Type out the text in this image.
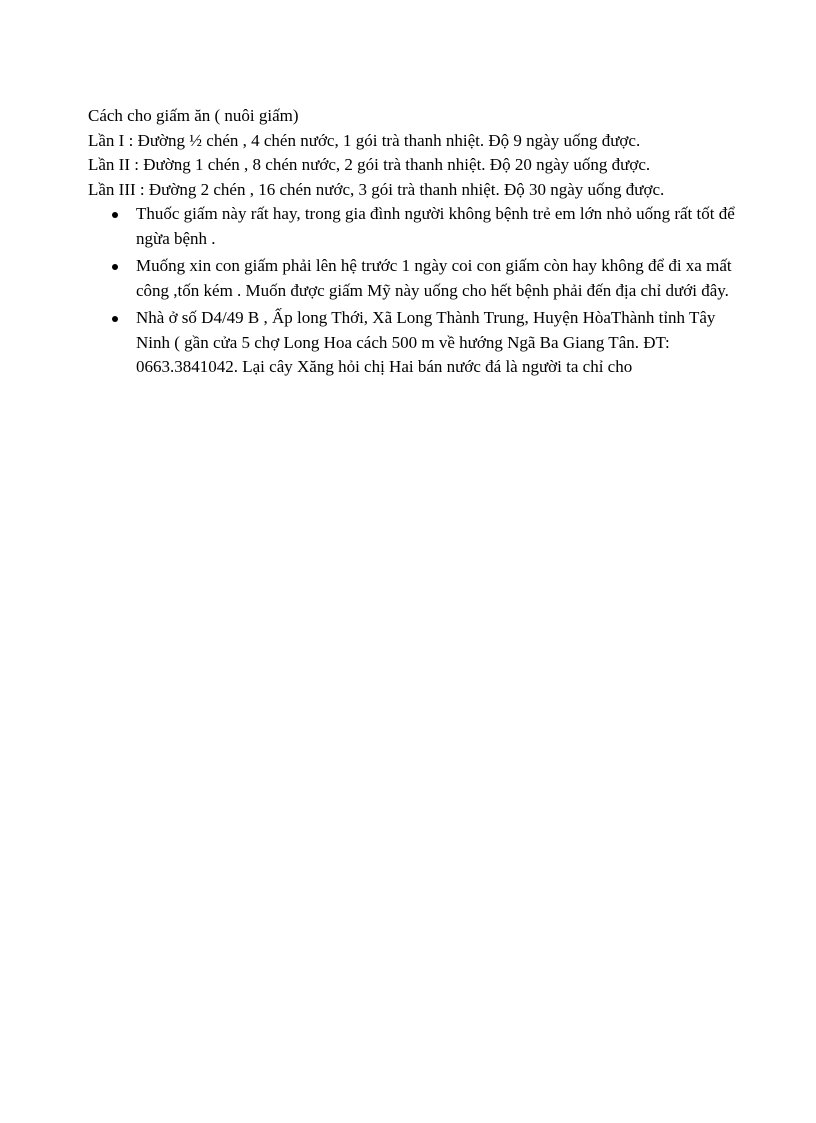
Cách cho giấm ăn ( nuôi giấm)

Lần I : Đường ½ chén , 4 chén nước, 1 gói trà thanh nhiệt. Độ 9 ngày uống được.

Lần II : Đường 1 chén , 8 chén nước, 2 gói trà thanh nhiệt. Độ 20 ngày uống được.

Lần III : Đường 2 chén , 16 chén nước, 3 gói trà thanh nhiệt. Độ 30 ngày uống được.

Thuốc giấm này rất hay, trong gia đình người không bệnh trẻ em lớn nhỏ uống rất tốt để ngừa bệnh .
Muống xin con giấm phải lên hệ trước 1 ngày coi con giấm còn hay không để đi xa mất công ,tốn kém . Muốn được giấm Mỹ này uống cho hết bệnh phải đến địa chỉ dưới đây.
Nhà ở số D4/49 B , Ấp long Thới, Xã Long Thành Trung, Huyện HòaThành tỉnh Tây Ninh ( gần cửa 5 chợ Long Hoa cách 500 m về hướng Ngã Ba Giang Tân. ĐT: 0663.3841042. Lại cây Xăng hỏi chị Hai bán nước đá là người ta chỉ cho
